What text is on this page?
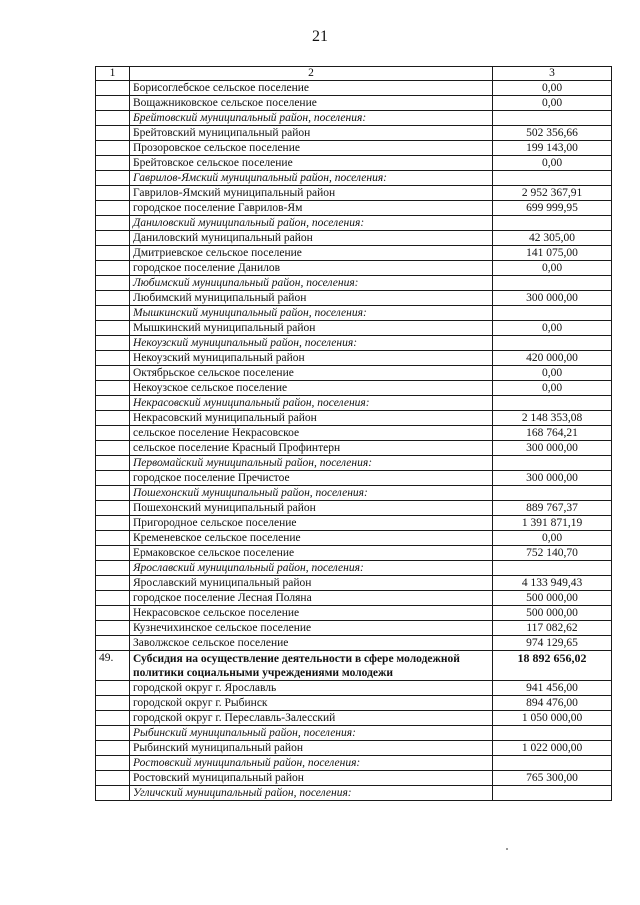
21
1	2	3
	Борисоглебское сельское поселение	0,00
	Вощажниковское сельское поселение	0,00
	Брейтовский муниципальный район, поселения:	
	Брейтовский муниципальный район	502 356,66
	Прозоровское сельское поселение	199 143,00
	Брейтовское сельское поселение	0,00
	Гаврилов-Ямский муниципальный район, поселения:	
	Гаврилов-Ямский муниципальный район	2 952 367,91
	городское поселение Гаврилов-Ям	699 999,95
	Даниловский муниципальный район, поселения:	
	Даниловский муниципальный район	42 305,00
	Дмитриевское сельское поселение	141 075,00
	городское поселение Данилов	0,00
	Любимский муниципальный район, поселения:	
	Любимский муниципальный район	300 000,00
	Мышкинский муниципальный район, поселения:	
	Мышкинский муниципальный район	0,00
	Некоузский муниципальный район, поселения:	
	Некоузский муниципальный район	420 000,00
	Октябрьское сельское поселение	0,00
	Некоузское сельское поселение	0,00
	Некрасовский муниципальный район, поселения:	
	Некрасовский муниципальный район	2 148 353,08
	сельское поселение Некрасовское	168 764,21
	сельское поселение Красный Профинтерн	300 000,00
	Первомайский муниципальный район, поселения:	
	городское поселение Пречистое	300 000,00
	Пошехонский муниципальный район, поселения:	
	Пошехонский муниципальный район	889 767,37
	Пригородное сельское поселение	1 391 871,19
	Кременевское сельское поселение	0,00
	Ермаковское сельское поселение	752 140,70
	Ярославский муниципальный район, поселения:	
	Ярославский муниципальный район	4 133 949,43
	городское поселение Лесная Поляна	500 000,00
	Некрасовское сельское поселение	500 000,00
	Кузнечихинское сельское поселение	117 082,62
	Заволжское сельское поселение	974 129,65
49.	Субсидия на осуществление деятельности в сфере молодежной политики социальными учреждениями молодежи	18 892 656,02
	городской округ г. Ярославль	941 456,00
	городской округ г. Рыбинск	894 476,00
	городской округ г. Переславль-Залесский	1 050 000,00
	Рыбинский муниципальный район, поселения:	
	Рыбинский муниципальный район	1 022 000,00
	Ростовский муниципальный район, поселения:	
	Ростовский муниципальный район	765 300,00
	Угличский муниципальный район, поселения:	
